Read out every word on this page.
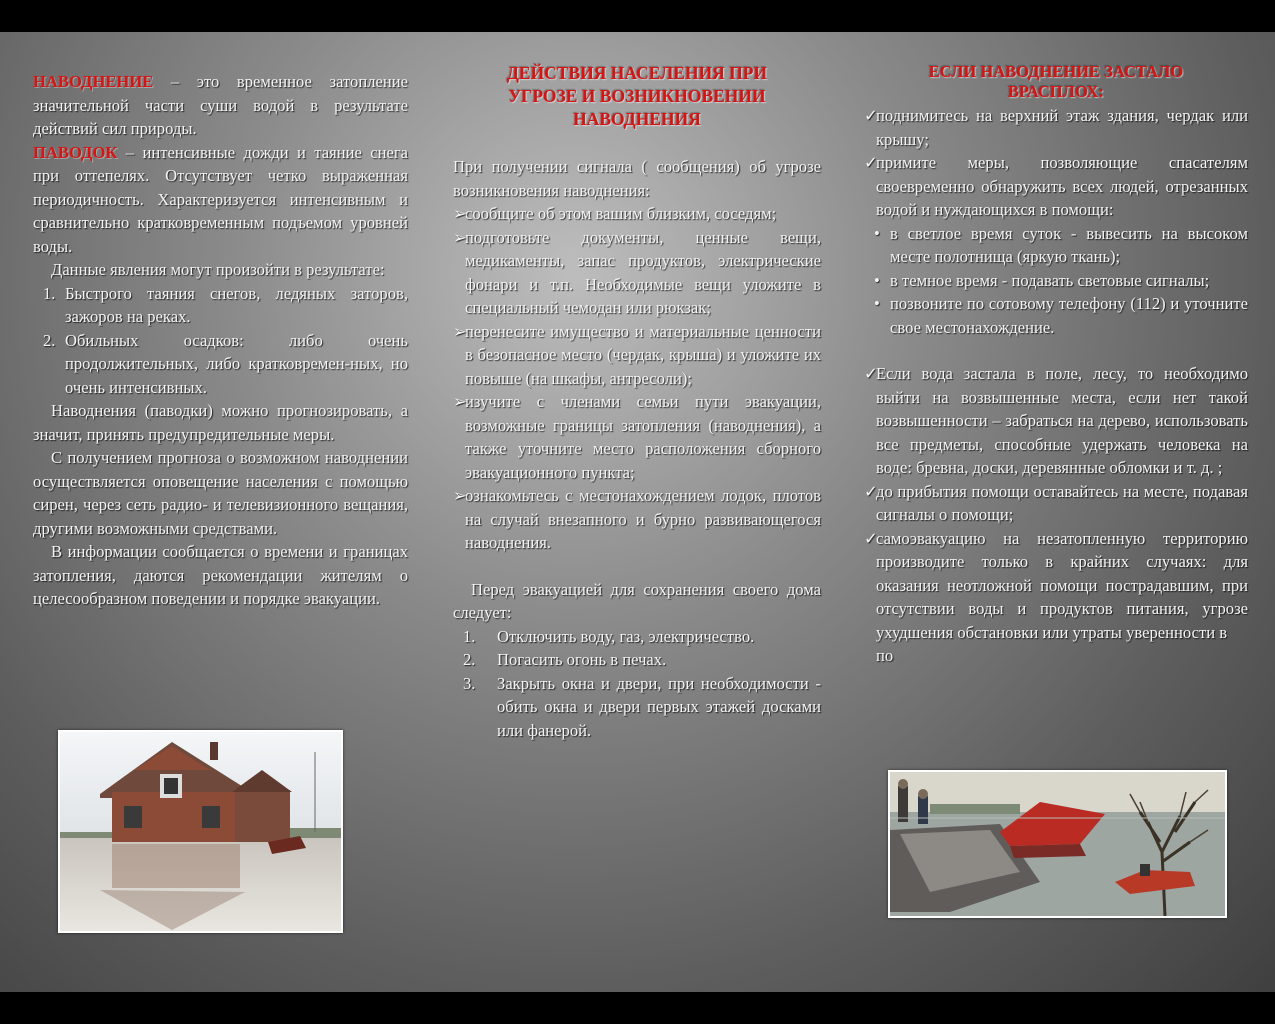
НАВОДНЕНИЕ – это временное затопление значительной части суши водой в результате действий сил природы.

ПАВОДОК – интенсивные дожди и таяние снега при оттепелях. Отсутствует четко выраженная периодичность. Характеризуется интенсивным и сравнительно кратковременным подъемом уровней воды.

Данные явления могут произойти в результате:

1. Быстрого таяния снегов, ледяных заторов, зажоров на реках.
2. Обильных осадков: либо очень продолжительных, либо кратковремен-ных, но очень интенсивных.

Наводнения (паводки) можно прогнозировать, а значит, принять предупредительные меры.

С получением прогноза о возможном наводнении осуществляется оповещение населения с помощью сирен, через сеть радио- и телевизионного вещания, другими возможными средствами.

В информации сообщается о времени и границах затопления, даются рекомендации жителям о целесообразном поведении и порядке эвакуации.

ДЕЙСТВИЯ НАСЕЛЕНИЯ ПРИ УГРОЗЕ И ВОЗНИКНОВЕНИИ НАВОДНЕНИЯ

При получении сигнала ( сообщения) об угрозе возникновения наводнения:

➢
сообщите об этом вашим близким, соседям;

➢
подготовьте документы, ценные вещи, медикаменты, запас продуктов, электрические фонари и т.п. Необходимые вещи уложите в специальный чемодан или рюкзак;

➢
перенесите имущество и материальные ценности в безопасное место (чердак, крыша) и уложите их повыше (на шкафы, антресоли);

➢
изучите с членами семьи пути эвакуации, возможные границы затопления (наводнения), а также уточните место расположения сборного эвакуационного пункта;

➢
ознакомьтесь с местонахождением лодок, плотов на случай внезапного и бурно развивающегося наводнения.

Перед эвакуацией для сохранения своего дома следует:

1. Отключить воду, газ, электричество.
2. Погасить огонь в печах.
3. Закрыть окна и двери, при необходимости - обить окна и двери первых этажей досками или фанерой.

ЕСЛИ НАВОДНЕНИЕ ЗАСТАЛО ВРАСПЛОХ:

✓
поднимитесь на верхний этаж здания, чердак или крышу;

✓
примите меры, позволяющие спасателям своевременно обнаружить всех людей, отрезанных водой и нуждающихся в помощи:

• в светлое время суток - вывесить на высоком месте полотнища (яркую ткань);

• в темное время - подавать световые сигналы;

• позвоните по сотовому телефону (112) и уточните свое местонахождение.

✓
Если вода застала в поле, лесу, то необходимо выйти на возвышенные места, если нет такой возвышенности – забраться на дерево, использовать все предметы, способные удержать человека на воде: бревна, доски, деревянные обломки и т. д. ;

✓
до прибытия помощи оставайтесь на месте, подавая сигналы о помощи;

✓
самоэвакуацию на незатопленную территорию производите только в крайних случаях: для оказания неотложной помощи пострадавшим, при отсутствии воды и продуктов питания, угрозе ухудшения обстановки или утраты уверенности в

по
